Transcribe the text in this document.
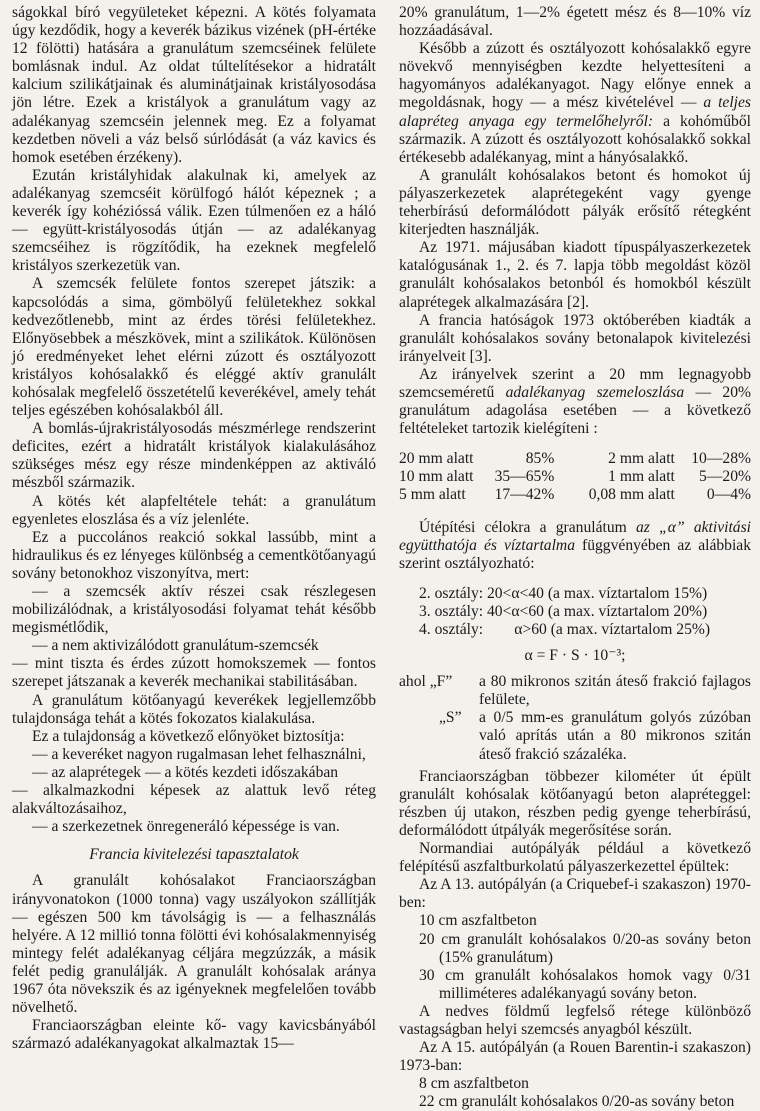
ságokkal bíró vegyületeket képezni. A kötés folyamata úgy kezdődik, hogy a keverék bázikus vizének (pH-értéke 12 fölötti) hatására a granulátum szemcséinek felülete bomlásnak indul. Az oldat túltelítésekor a hidratált kalcium szilikátjainak és aluminátjainak kristályosodása jön létre. Ezek a kristályok a granulátum vagy az adalékanyag szemcséin jelennek meg. Ez a folyamat kezdetben növeli a váz belső súrlódását (a váz kavics és homok esetében érzékeny).

Ezután kristályhidak alakulnak ki, amelyek az adalékanyag szemcséit körülfogó hálót képeznek ; a keverék így kohézióssá válik. Ezen túlmenően ez a háló — együtt-kristályosodás útján — az adalékanyag szemcséihez is rögzítődik, ha ezeknek megfelelő kristályos szerkezetük van.

A szemcsék felülete fontos szerepet játszik: a kapcsolódás a sima, gömbölyű felületekhez sokkal kedvezőtlenebb, mint az érdes törési felületekhez. Előnyösebbek a mészkövek, mint a szilikátok. Különösen jó eredményeket lehet elérni zúzott és osztályozott kristályos kohósalakkő és eléggé aktív granulált kohósalak megfelelő összetételű keverékével, amely tehát teljes egészében kohósalakból áll.

A bomlás-újrakristályosodás mészmérlege rendszerint deficites, ezért a hidratált kristályok kialakulásához szükséges mész egy része mindenképpen az aktiváló mészből származik.

A kötés két alapfeltétele tehát: a granulátum egyenletes eloszlása és a víz jelenléte.

Ez a puccolános reakció sokkal lassúbb, mint a hidraulikus és ez lényeges különbség a cementkötőanyagú sovány betonokhoz viszonyítva, mert:

— a szemcsék aktív részei csak részlegesen mobilizálódnak, a kristályosodási folyamat tehát később megismétlődik,

— a nem aktivizálódott granulátum-szemcsék

— mint tiszta és érdes zúzott homokszemek — fontos szerepet játszanak a keverék mechanikai stabilitásában.

A granulátum kötőanyagú keverékek legjellemzőbb tulajdonsága tehát a kötés fokozatos kialakulása.

Ez a tulajdonság a következő előnyöket biztosítja:

— a keveréket nagyon rugalmasan lehet felhasználni,

— az alaprétegek — a kötés kezdeti időszakában

— alkalmazkodni képesek az alattuk levő réteg alakváltozásaihoz,

— a szerkezetnek önregeneráló képessége is van.

Francia kivitelezési tapasztalatok

A granulált kohósalakot Franciaországban irányvonatokon (1000 tonna) vagy uszályokon szállítják — egészen 500 km távolságig is — a felhasználás helyére. A 12 millió tonna fölötti évi kohósalakmennyiség mintegy felét adalékanyag céljára megzúzzák, a másik felét pedig granulálják. A granulált kohósalak aránya 1967 óta növekszik és az igényeknek megfelelően tovább növelhető.

Franciaországban eleinte kő- vagy kavicsbányából származó adalékanyagokat alkalmaztak 15—

20% granulátum, 1—2% égetett mész és 8—10% víz hozzáadásával.

Később a zúzott és osztályozott kohósalakkő egyre növekvő mennyiségben kezdte helyettesíteni a hagyományos adalékanyagot. Nagy előnye ennek a megoldásnak, hogy — a mész kivételével — a teljes alapréteg anyaga egy termelőhelyről: a kohóműből származik. A zúzott és osztályozott kohósalakkő sokkal értékesebb adalékanyag, mint a hányósalakkő.

A granulált kohósalakos betont és homokot új pályaszerkezetek alaprétegeként vagy gyenge teherbírású deformálódott pályák erősítő rétegként kiterjedten használják.

Az 1971. májusában kiadott típuspályaszerkezetek katalógusának 1., 2. és 7. lapja több megoldást közöl granulált kohósalakos betonból és homokból készült alaprétegek alkalmazására [2].

A francia hatóságok 1973 októberében kiadták a granulált kohósalakos sovány betonalapok kivitelezési irányelveit [3].

Az irányelvek szerint a 20 mm legnagyobb szemcseméretű adalékanyag szemeloszlása — 20% granulátum adagolása esetében — a következő feltételeket tartozik kielégíteni :

20 mm alatt	85%	2 mm alatt	10—28%
10 mm alatt	35—65%	1 mm alatt	5—20%
5 mm alatt	17—42%	0,08 mm alatt	0—4%

Útépítési célokra a granulátum az „α” aktivitási együtthatója és víztartalma függvényében az alábbiak szerint osztályozható:

2. osztály: 20<α<40 (a max. víztartalom 15%)
3. osztály: 40<α<60 (a max. víztartalom 20%)
4. osztály:        α>60 (a max. víztartalom 25%)
α = F · S · 10⁻³;
ahol „F”	a 80 mikronos szitán áteső frakció fajlagos felülete,
„S”	a 0/5 mm-es granulátum golyós zúzóban való aprítás után a 80 mikronos szitán áteső frakció százaléka.

Franciaországban többezer kilométer út épült granulált kohósalak kötőanyagú beton alapréteggel: részben új utakon, részben pedig gyenge teherbírású, deformálódott útpályák megerősítése során.

Normandiai autópályák például a következő felépítésű aszfaltburkolatú pályaszerkezettel épültek:

Az A 13. autópályán (a Criquebef-i szakaszon) 1970-ben:

10 cm aszfaltbeton

20 cm granulált kohósalakos 0/20-as sovány beton (15% granulátum)

30 cm granulált kohósalakos homok vagy 0/31 milliméteres adalékanyagú sovány beton.

A nedves földmű legfelső rétege különböző vastagságban helyi szemcsés anyagból készült.

Az A 15. autópályán (a Rouen Barentin-i szakaszon) 1973-ban:

8 cm aszfaltbeton

22 cm granulált kohósalakos 0/20-as sovány beton
